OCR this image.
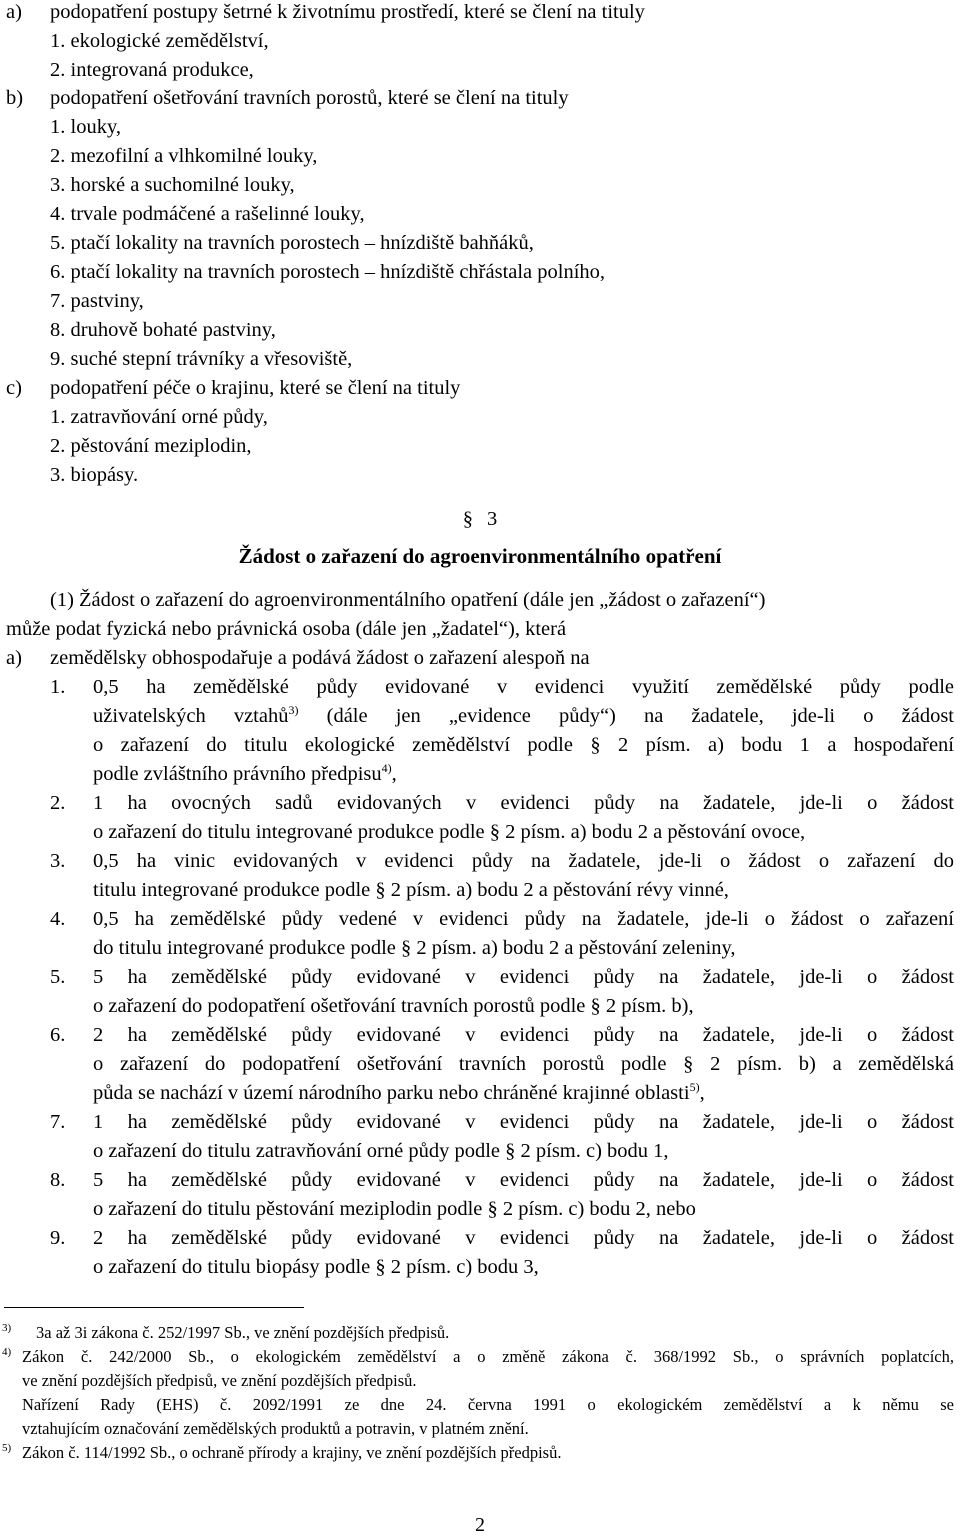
a) podopatření postupy šetrné k životnímu prostředí, které se člení na tituly
1. ekologické zemědělství,
2. integrovaná produkce,
b) podopatření ošetřování travních porostů, které se člení na tituly
1. louky,
2. mezofilní a vlhkomilné louky,
3. horské a suchomilné louky,
4. trvale podmáčené a rašelinné louky,
5. ptačí lokality na travních porostech – hnízdiště bahňáků,
6. ptačí lokality na travních porostech – hnízdiště chřástala polního,
7. pastviny,
8. druhově bohaté pastviny,
9. suché stepní trávníky a vřesoviště,
c) podopatření péče o krajinu, které se člení na tituly
1. zatravňování orné půdy,
2. pěstování meziplodin,
3. biopásy.
§ 3
Žádost o zařazení do agroenvironmentálního opatření
(1) Žádost o zařazení do agroenvironmentálního opatření (dále jen „žádost o zařazení“)
může podat fyzická nebo právnická osoba (dále jen „žadatel“), která
a) zemědělsky obhospodařuje a podává žádost o zařazení alespoň na
2
1. 0,5 ha zemědělské půdy evidované v evidenci využití zemědělské půdy podle
uživatelských vztahů$^{3)}$ (dále jen „evidence půdy“) na žadatele, jde-li o žádost
o zařazení do titulu ekologické zemědělství podle § 2 písm. a) bodu 1 a hospodaření
podle zvláštního právního předpisu$^{4)}$,
2. 1 ha ovocných sadů evidovaných v evidenci půdy na žadatele, jde-li o žádost
o zařazení do titulu integrované produkce podle § 2 písm. a) bodu 2 a pěstování ovoce,
3. 0,5 ha vinic evidovaných v evidenci půdy na žadatele, jde-li o žádost o zařazení do
titulu integrované produkce podle § 2 písm. a) bodu 2 a pěstování révy vinné,
4. 0,5 ha zemědělské půdy vedené v evidenci půdy na žadatele, jde-li o žádost o zařazení
do titulu integrované produkce podle § 2 písm. a) bodu 2 a pěstování zeleniny,
5. 5 ha zemědělské půdy evidované v evidenci půdy na žadatele, jde-li o žádost
o zařazení do podopatření ošetřování travních porostů podle § 2 písm. b),
6. 2 ha zemědělské půdy evidované v evidenci půdy na žadatele, jde-li o žádost
o zařazení do podopatření ošetřování travních porostů podle § 2 písm. b) a zemědělská
půda se nachází v území národního parku nebo chráněné krajinné oblasti$^{5)}$,
7. 1 ha zemědělské půdy evidované v evidenci půdy na žadatele, jde-li o žádost
o zařazení do titulu zatravňování orné půdy podle § 2 písm. c) bodu 1,
8. 5 ha zemědělské půdy evidované v evidenci půdy na žadatele, jde-li o žádost
o zařazení do titulu pěstování meziplodin podle § 2 písm. c) bodu 2, nebo
9. 2 ha zemědělské půdy evidované v evidenci půdy na žadatele, jde-li o žádost
o zařazení do titulu biopásy podle § 2 písm. c) bodu 3,
3) 3a až 3i zákona č. 252/1997 Sb., ve znění pozdějších předpisů.
4) Zákon č. 242/2000 Sb., o ekologickém zemědělství a o změně zákona č. 368/1992 Sb., o správních poplatcích,
ve znění pozdějších předpisů, ve znění pozdějších předpisů.
Nařízení Rady (EHS) č. 2092/1991 ze dne 24. června 1991 o ekologickém zemědělství a k němu se
vztahujícím označování zemědělských produktů a potravin, v platném znění.
5) Zákon č. 114/1992 Sb., o ochraně přírody a krajiny, ve znění pozdějších předpisů.
